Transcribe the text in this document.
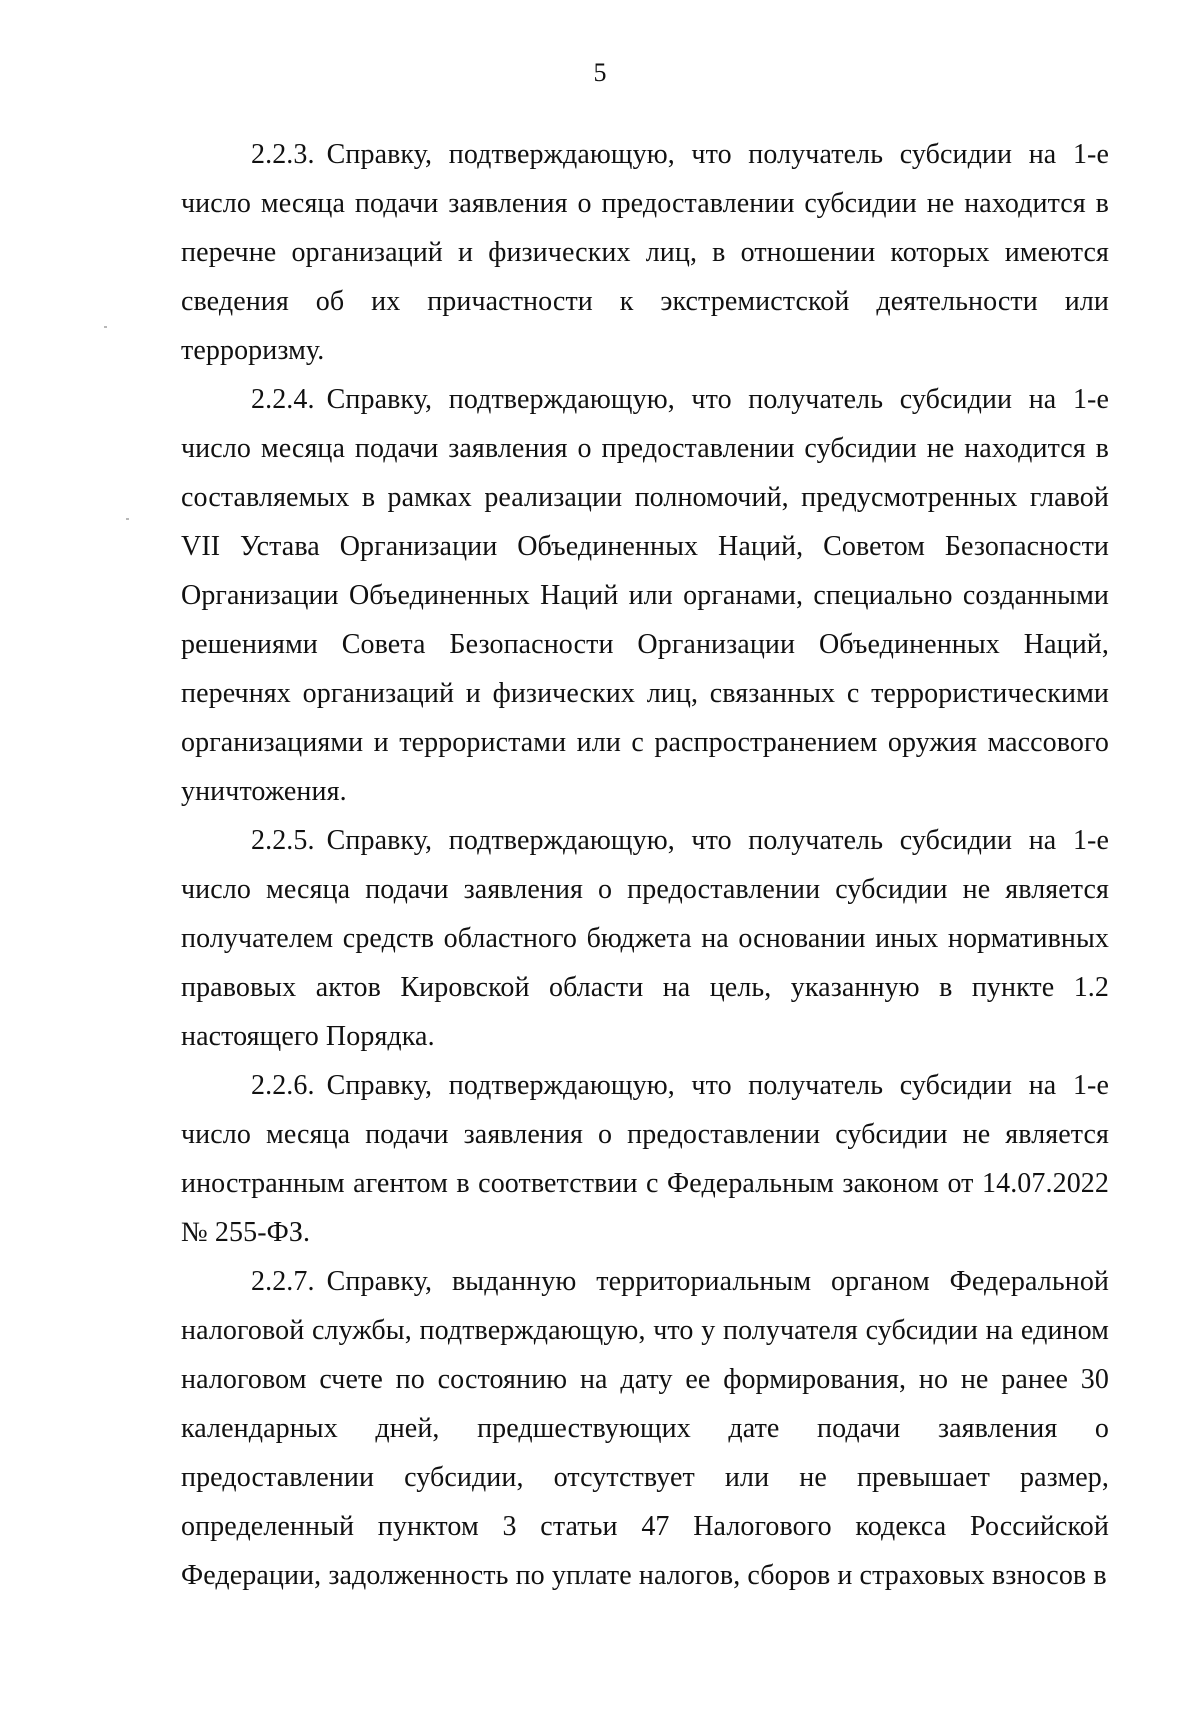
5

2.2.3. Справку, подтверждающую, что получатель субсидии на 1-е число месяца подачи заявления о предоставлении субсидии не находится в перечне организаций и физических лиц, в отношении которых имеются сведения об их причастности к экстремистской деятельности или терроризму.

2.2.4. Справку, подтверждающую, что получатель субсидии на 1-е число месяца подачи заявления о предоставлении субсидии не находится в составляемых в рамках реализации полномочий, предусмотренных главой VII Устава Организации Объединенных Наций, Советом Безопасности Организации Объединенных Наций или органами, специально созданными решениями Совета Безопасности Организации Объединенных Наций, перечнях организаций и физических лиц, связанных с террористическими организациями и террористами или с распространением оружия массового уничтожения.

2.2.5. Справку, подтверждающую, что получатель субсидии на 1-е число месяца подачи заявления о предоставлении субсидии не является получателем средств областного бюджета на основании иных нормативных правовых актов Кировской области на цель, указанную в пункте 1.2 настоящего Порядка.

2.2.6. Справку, подтверждающую, что получатель субсидии на 1-е число месяца подачи заявления о предоставлении субсидии не является иностранным агентом в соответствии с Федеральным законом от 14.07.2022 № 255-ФЗ.

2.2.7. Справку, выданную территориальным органом Федеральной налоговой службы, подтверждающую, что у получателя субсидии на едином налоговом счете по состоянию на дату ее формирования, но не ранее 30 календарных дней, предшествующих дате подачи заявления о предоставлении субсидии, отсутствует или не превышает размер, определенный пунктом 3 статьи 47 Налогового кодекса Российской Федерации, задолженность по уплате налогов, сборов и страховых взносов в
